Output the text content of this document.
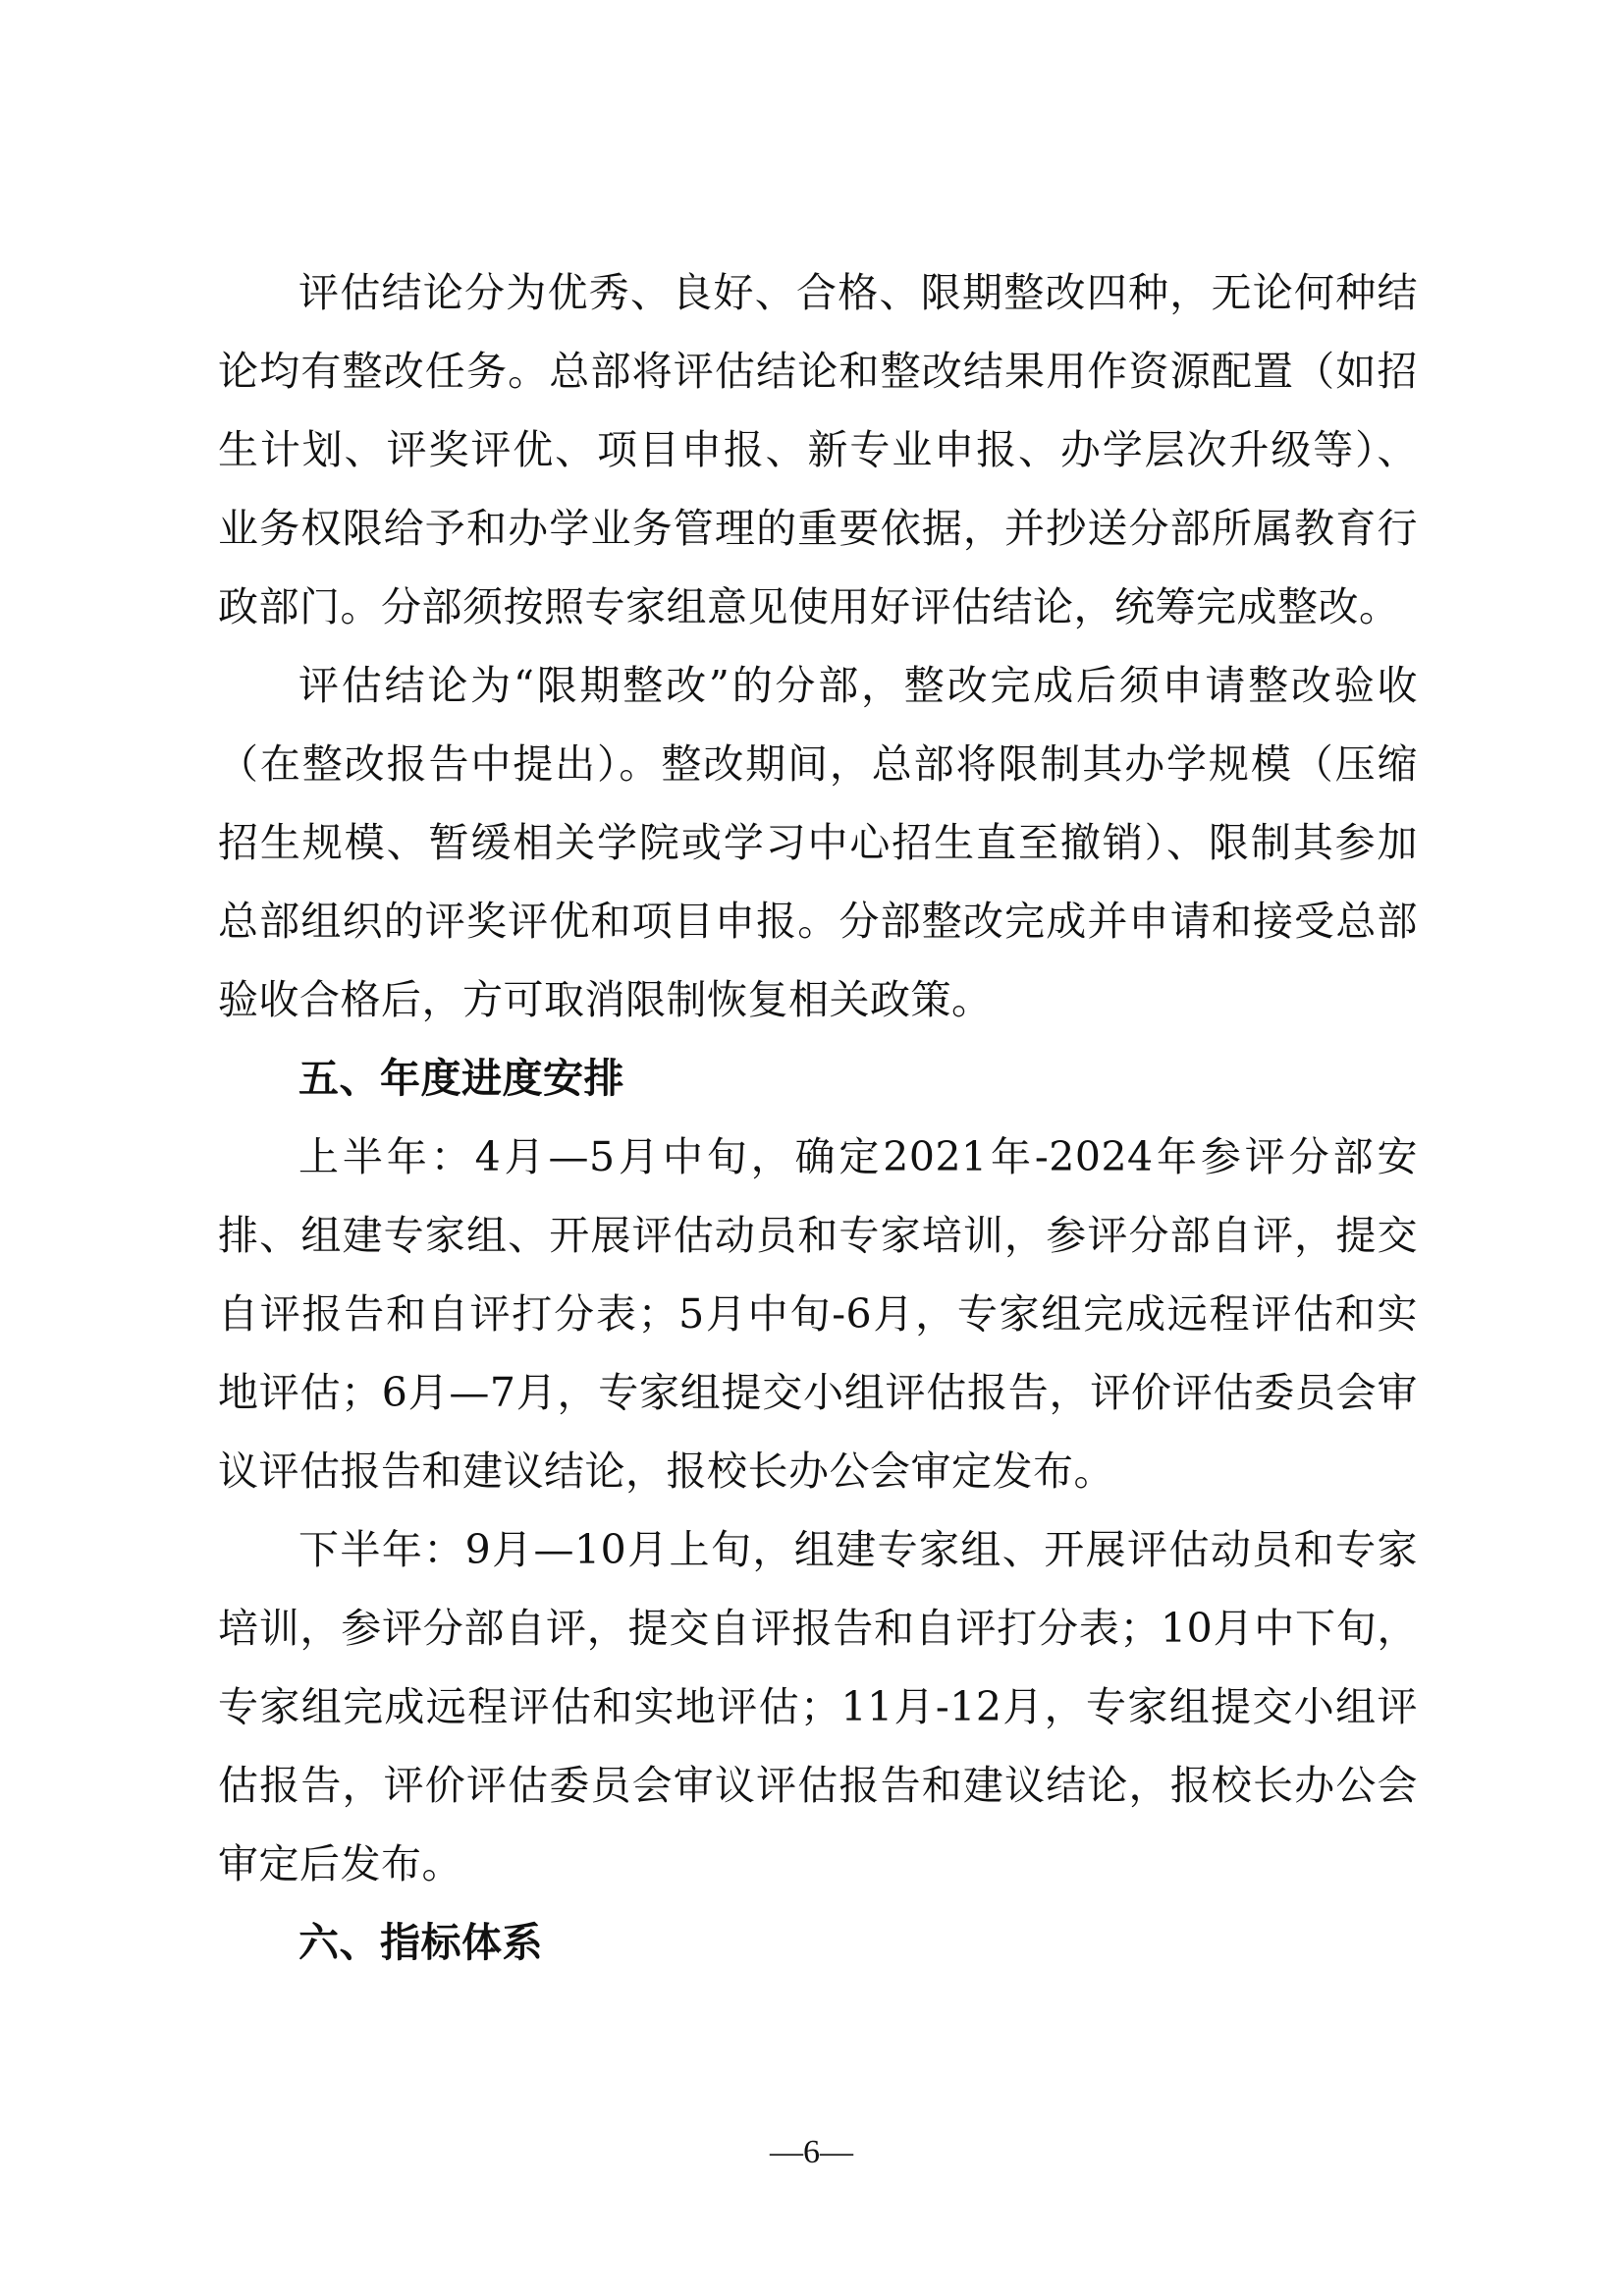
评估结论分为优秀、良好、合格、限期整改四种，无论何种结论均有整改任务。总部将评估结论和整改结果用作资源配置（如招生计划、评奖评优、项目申报、新专业申报、办学层次升级等）、业务权限给予和办学业务管理的重要依据，并抄送分部所属教育行政部门。分部须按照专家组意见使用好评估结论，统筹完成整改。

评估结论为“限期整改”的分部，整改完成后须申请整改验收（在整改报告中提出）。整改期间，总部将限制其办学规模（压缩招生规模、暂缓相关学院或学习中心招生直至撤销）、限制其参加总部组织的评奖评优和项目申报。分部整改完成并申请和接受总部验收合格后，方可取消限制恢复相关政策。

五、年度进度安排

上半年：4月—5月中旬，确定2021年-2024年参评分部安排、组建专家组、开展评估动员和专家培训，参评分部自评，提交自评报告和自评打分表；5月中旬-6月，专家组完成远程评估和实地评估；6月—7月，专家组提交小组评估报告，评价评估委员会审议评估报告和建议结论，报校长办公会审定发布。

下半年：9月—10月上旬，组建专家组、开展评估动员和专家培训，参评分部自评，提交自评报告和自评打分表；10月中下旬，专家组完成远程评估和实地评估；11月-12月，专家组提交小组评估报告，评价评估委员会审议评估报告和建议结论，报校长办公会审定后发布。

六、指标体系

—6—
